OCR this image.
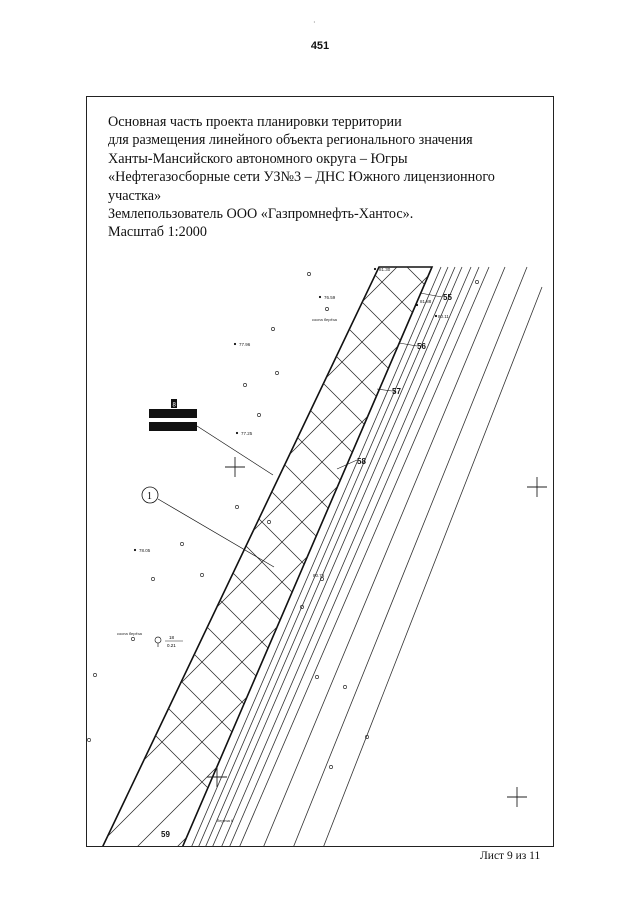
451
·
Основная часть проекта планировки территории
для размещения линейного объекта регионального значения
Ханты-Мансийского автономного округа – Югры
«Нефтегазосборные сети УЗ№3 – ДНС Южного лицензионного
участка»
Землепользователь ООО «Газпромнефть-Хантос».
Масштаб 1:2000
76.59
77.96
77.25
78.05
81.30
81.88
80.11
80.76
сосна берёза
сосна берёза
береза 6
18
0.21
55
56
57
58
59
1
8
Лист 9 из 11
